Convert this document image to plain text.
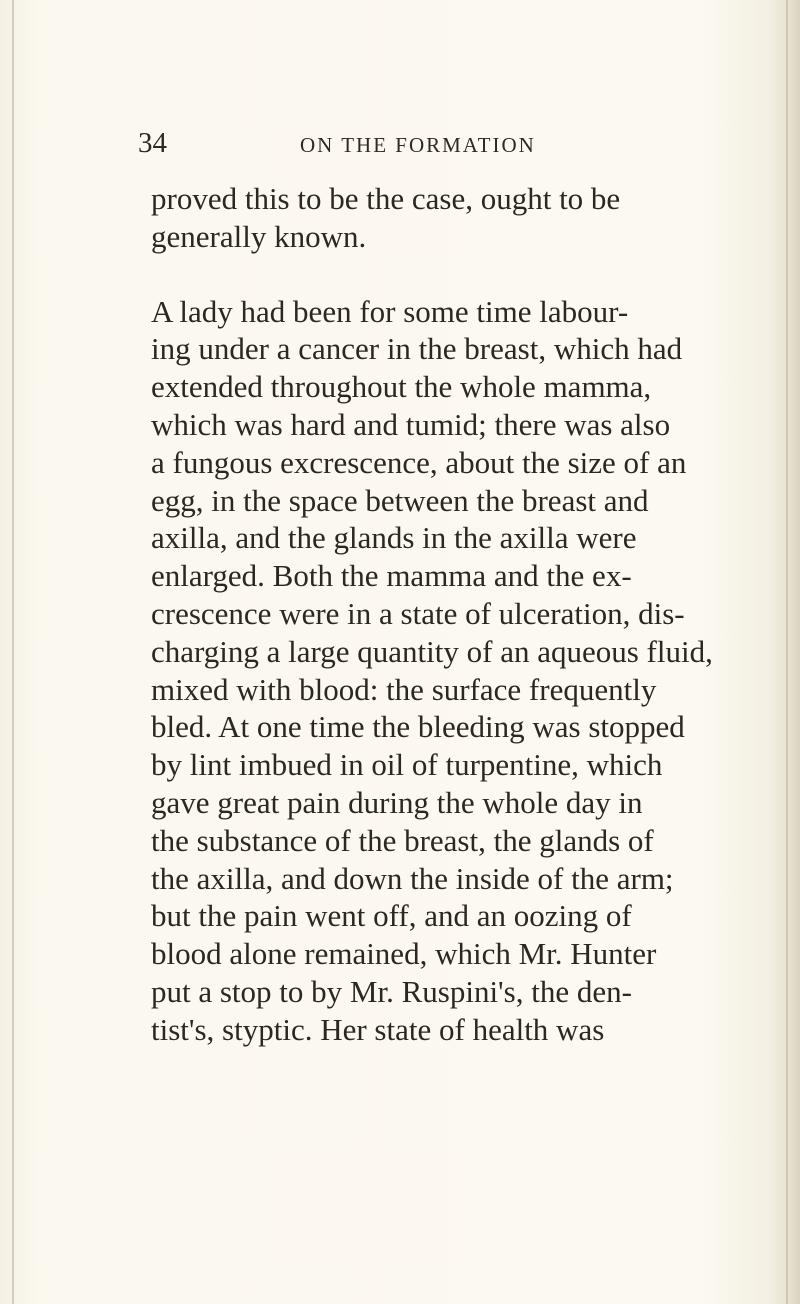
34	ON THE FORMATION
proved this to be the case, ought to be
generally known.
A lady had been for some time labour-
ing under a cancer in the breast, which had
extended throughout the whole mamma,
which was hard and tumid; there was also
a fungous excrescence, about the size of an
egg, in the space between the breast and
axilla, and the glands in the axilla were
enlarged. Both the mamma and the ex-
crescence were in a state of ulceration, dis-
charging a large quantity of an aqueous fluid,
mixed with blood: the surface frequently
bled. At one time the bleeding was stopped
by lint imbued in oil of turpentine, which
gave great pain during the whole day in
the substance of the breast, the glands of
the axilla, and down the inside of the arm;
but the pain went off, and an oozing of
blood alone remained, which Mr. Hunter
put a stop to by Mr. Ruspini's, the den-
tist's, styptic. Her state of health was
